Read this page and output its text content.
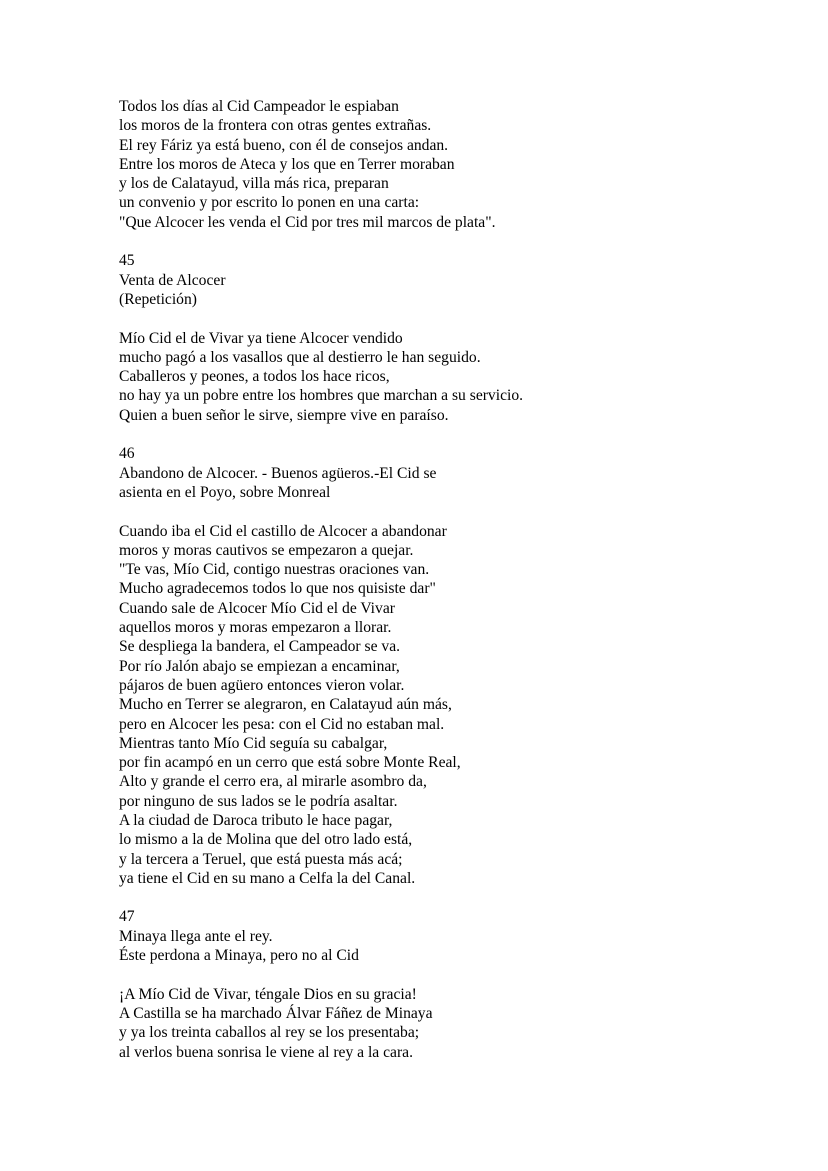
Todos los días al Cid Campeador le espiaban
los moros de la frontera con otras gentes extrañas.
El rey Fáriz ya está bueno, con él de consejos andan.
Entre los moros de Ateca y los que en Terrer moraban
y los de Calatayud, villa más rica, preparan
un convenio y por escrito lo ponen en una carta:
"Que Alcocer les venda el Cid por tres mil marcos de plata".
45
Venta de Alcocer
(Repetición)
Mío Cid el de Vivar ya tiene Alcocer vendido
mucho pagó a los vasallos que al destierro le han seguido.
Caballeros y peones, a todos los hace ricos,
no hay ya un pobre entre los hombres que marchan a su servicio.
Quien a buen señor le sirve, siempre vive en paraíso.
46
Abandono de Alcocer. - Buenos agüeros.-El Cid se
asienta en el Poyo, sobre Monreal
Cuando iba el Cid el castillo de Alcocer a abandonar
moros y moras cautivos se empezaron a quejar.
"Te vas, Mío Cid, contigo nuestras oraciones van.
Mucho agradecemos todos lo que nos quisiste dar"
Cuando sale de Alcocer Mío Cid el de Vivar
aquellos moros y moras empezaron a llorar.
Se despliega la bandera, el Campeador se va.
Por río Jalón abajo se empiezan a encaminar,
pájaros de buen agüero entonces vieron volar.
Mucho en Terrer se alegraron, en Calatayud aún más,
pero en Alcocer les pesa: con el Cid no estaban mal.
Mientras tanto Mío Cid seguía su cabalgar,
por fin acampó en un cerro que está sobre Monte Real,
Alto y grande el cerro era, al mirarle asombro da,
por ninguno de sus lados se le podría asaltar.
A la ciudad de Daroca tributo le hace pagar,
lo mismo a la de Molina que del otro lado está,
y la tercera a Teruel, que está puesta más acá;
ya tiene el Cid en su mano a Celfa la del Canal.
47
Minaya llega ante el rey.
Éste perdona a Minaya, pero no al Cid
¡A Mío Cid de Vivar, téngale Dios en su gracia!
A Castilla se ha marchado Álvar Fáñez de Minaya
y ya los treinta caballos al rey se los presentaba;
al verlos buena sonrisa le viene al rey a la cara.
